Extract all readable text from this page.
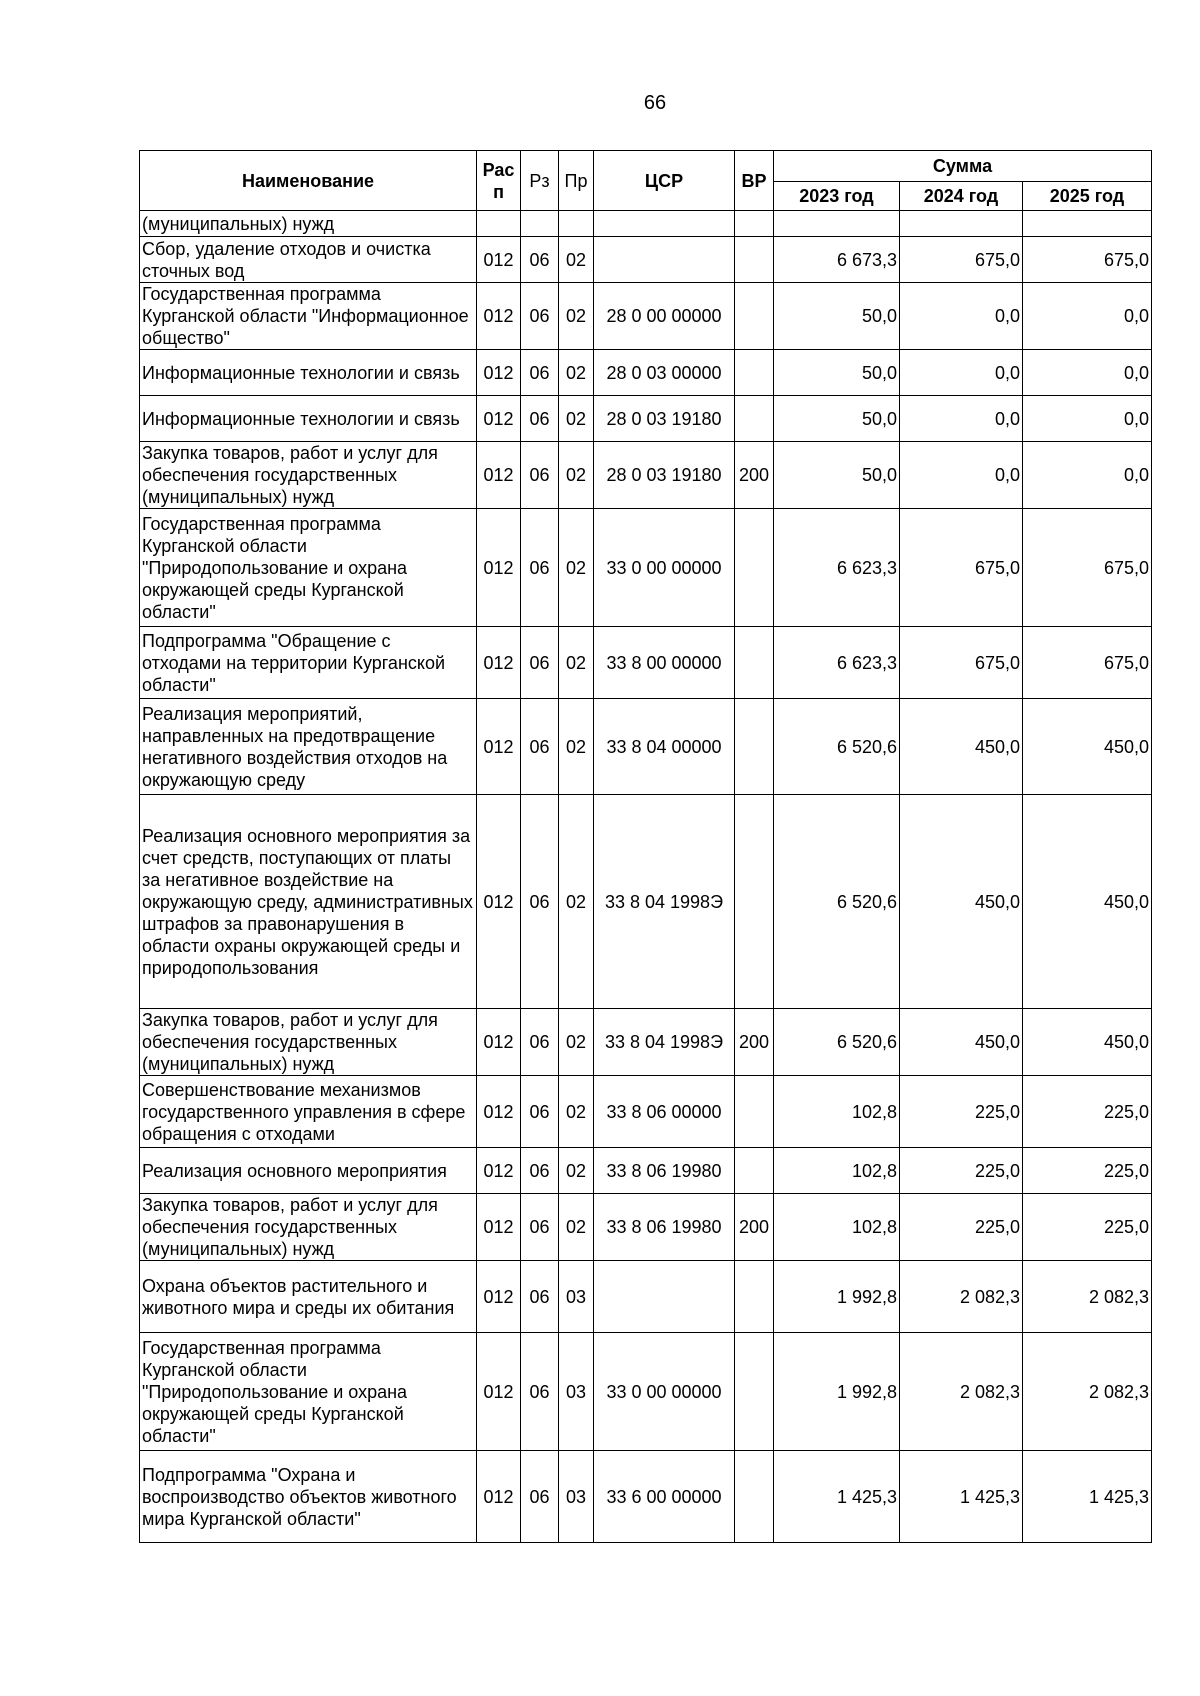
66
Наименование	Рас п	Рз	Пр	ЦСР	ВР	Сумма		
						2023 год	2024 год	2025 год
(муниципальных) нужд								
Сбор, удаление отходов и очистка сточных вод	012	06	02			6 673,3	675,0	675,0
Государственная программа Курганской области "Информационное общество"	012	06	02	28 0 00 00000		50,0	0,0	0,0
Информационные технологии и связь	012	06	02	28 0 03 00000		50,0	0,0	0,0
Информационные технологии и связь	012	06	02	28 0 03 19180		50,0	0,0	0,0
Закупка товаров, работ и услуг для обеспечения государственных (муниципальных) нужд	012	06	02	28 0 03 19180	200	50,0	0,0	0,0
Государственная программа Курганской области "Природопользование и охрана окружающей среды Курганской области"	012	06	02	33 0 00 00000		6 623,3	675,0	675,0
Подпрограмма "Обращение с отходами на территории Курганской области"	012	06	02	33 8 00 00000		6 623,3	675,0	675,0
Реализация мероприятий, направленных на предотвращение негативного воздействия отходов на окружающую среду	012	06	02	33 8 04 00000		6 520,6	450,0	450,0
Реализация основного мероприятия за счет средств, поступающих от платы за негативное воздействие на окружающую среду, административных штрафов за правонарушения в области охраны окружающей среды и природопользования	012	06	02	33 8 04 1998Э		6 520,6	450,0	450,0
Закупка товаров, работ и услуг для обеспечения государственных (муниципальных) нужд	012	06	02	33 8 04 1998Э	200	6 520,6	450,0	450,0
Совершенствование механизмов государственного управления в сфере обращения с отходами	012	06	02	33 8 06 00000		102,8	225,0	225,0
Реализация основного мероприятия	012	06	02	33 8 06 19980		102,8	225,0	225,0
Закупка товаров, работ и услуг для обеспечения государственных (муниципальных) нужд	012	06	02	33 8 06 19980	200	102,8	225,0	225,0
Охрана объектов растительного и животного мира и среды их обитания	012	06	03			1 992,8	2 082,3	2 082,3
Государственная программа Курганской области "Природопользование и охрана окружающей среды Курганской области"	012	06	03	33 0 00 00000		1 992,8	2 082,3	2 082,3
Подпрограмма "Охрана и воспроизводство объектов животного мира Курганской области"	012	06	03	33 6 00 00000		1 425,3	1 425,3	1 425,3
